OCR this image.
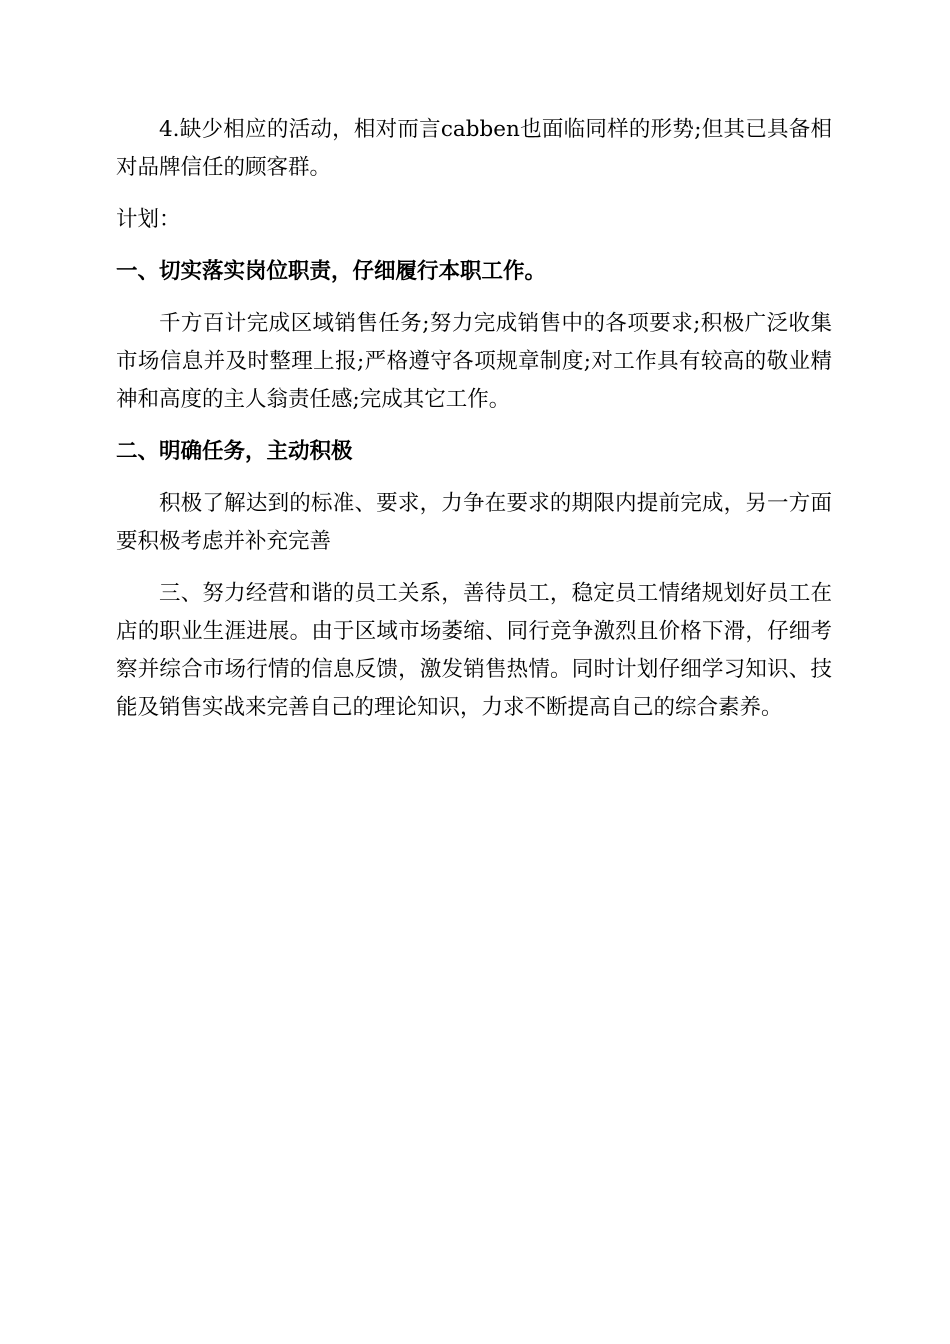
4.缺少相应的活动，相对而言cabben也面临同样的形势;但其已具备相对品牌信任的顾客群。

计划：

一、切实落实岗位职责，仔细履行本职工作。

千方百计完成区域销售任务;努力完成销售中的各项要求;积极广泛收集市场信息并及时整理上报;严格遵守各项规章制度;对工作具有较高的敬业精神和高度的主人翁责任感;完成其它工作。

二、明确任务，主动积极

积极了解达到的标准、要求，力争在要求的期限内提前完成，另一方面要积极考虑并补充完善

三、努力经营和谐的员工关系，善待员工，稳定员工情绪规划好员工在店的职业生涯进展。由于区域市场萎缩、同行竞争激烈且价格下滑，仔细考察并综合市场行情的信息反馈，激发销售热情。同时计划仔细学习知识、技能及销售实战来完善自己的理论知识，力求不断提高自己的综合素养。
